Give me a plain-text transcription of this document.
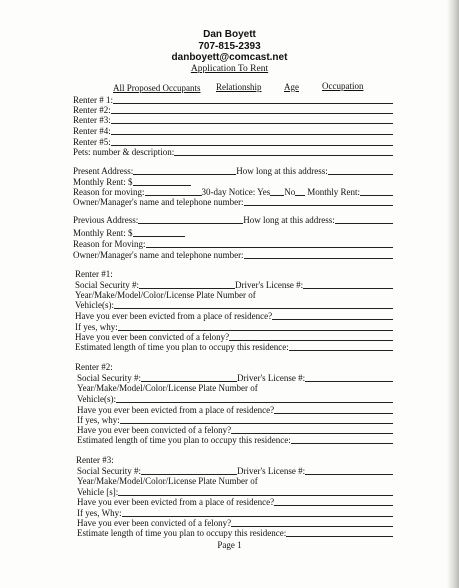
Dan Boyett
707-815-2393
danboyett@comcast.net
Application To Rent
All Proposed Occupants Relationship	Age	Occupation
Renter # 1:
Renter #2:
Renter #3:
Renter #4:
Renter #5:
Pets: number & description:
Present Address:	How long at this address:
Monthly Rent: $
Reason for moving:	30-day Notice: Yes No Monthly Rent:
Owner/Manager's name and telephone number:
Previous Address:	How long at this address:
Monthly Rent: $
Reason for Moving:
Owner/Manager's name and telephone number:
Renter #1:
Social Security #:	Driver's License #:
Year/Make/Model/Color/License Plate Number of
Vehicle(s):
Have you ever been evicted from a place of residence?
If yes, why:
Have you ever been convicted of a felony?
Estimated length of time you plan to occupy this residence:
Renter #2:
Social Security #:	Driver's License #:
Year/Make/Model/Color/License Plate Number of
Vehicle(s):
Have you ever been evicted from a place of residence?
If yes, why:
Have you ever been convicted of a felony?
Estimated length of time you plan to occupy this residence:
Renter #3:
Social Security #:	Driver's License #:
Year/Make/Model/Color/License Plate Number of
Vehicle [s]:
Have you ever been evicted from a place of residence?
If yes, Why:
Have you ever been convicted of a felony?
Estimate length of time you plan to occupy this residence:
Page 1
